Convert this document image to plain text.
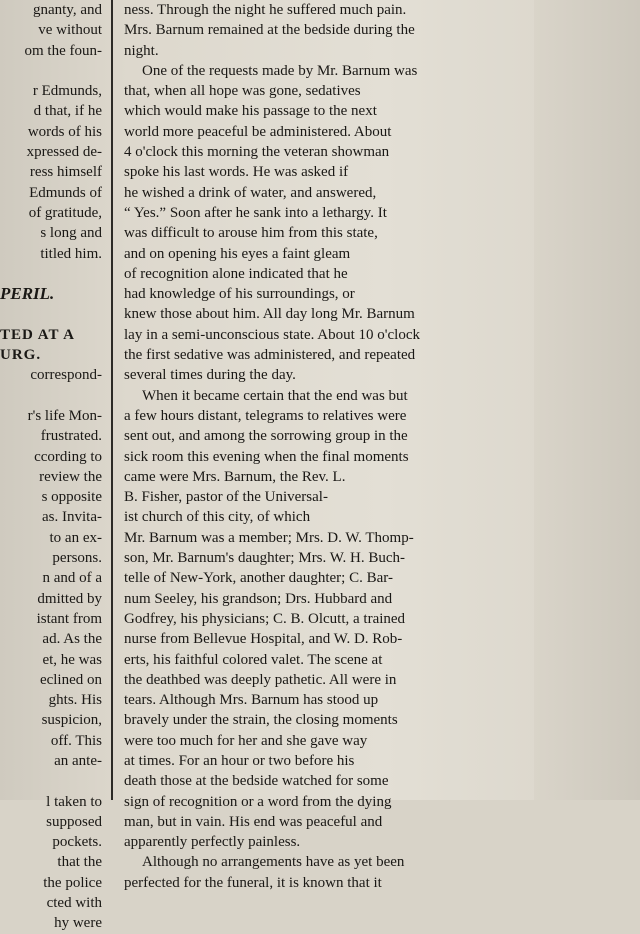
gnanty, and
ve without
om the foun-
r Edmunds,
d that, if he
words of his
xpressed de-
ress himself
Edmunds of
of gratitude,
s long and
titled him.
PERIL.
TED AT A
URG.
correspond-
r's life Mon-
frustrated.
ccording to
review the
s opposite
as. Invita-
to an ex-
persons.
n and of a
dmitted by
istant from
ad. As the
et, he was
eclined on
ghts. His
suspicion,
off. This
an ante-
l taken to
supposed
pockets.
that the
the police
cted with
hy were
ness. Through the night he suffered much pain.
Mrs. Barnum remained at the bedside during the
night.
One of the requests made by Mr. Barnum was
that, when all hope was gone, sedatives
which would make his passage to the next
world more peaceful be administered. About
4 o'clock this morning the veteran showman
spoke his last words. He was asked if
he wished a drink of water, and answered,
“ Yes.” Soon after he sank into a lethargy. It
was difficult to arouse him from this state,
and on opening his eyes a faint gleam
of recognition alone indicated that he
had knowledge of his surroundings, or
knew those about him. All day long Mr. Barnum
lay in a semi-unconscious state. About 10 o'clock
the first sedative was administered, and repeated
several times during the day.
When it became certain that the end was but
a few hours distant, telegrams to relatives were
sent out, and among the sorrowing group in the
sick room this evening when the final moments
came were Mrs. Barnum, the Rev. L.
B. Fisher, pastor of the Universal-
ist church of this city, of which
Mr. Barnum was a member; Mrs. D. W. Thomp-
son, Mr. Barnum's daughter; Mrs. W. H. Buch-
telle of New-York, another daughter; C. Bar-
num Seeley, his grandson; Drs. Hubbard and
Godfrey, his physicians; C. B. Olcutt, a trained
nurse from Bellevue Hospital, and W. D. Rob-
erts, his faithful colored valet. The scene at
the deathbed was deeply pathetic. All were in
tears. Although Mrs. Barnum has stood up
bravely under the strain, the closing moments
were too much for her and she gave way
at times. For an hour or two before his
death those at the bedside watched for some
sign of recognition or a word from the dying
man, but in vain. His end was peaceful and
apparently perfectly painless.
Although no arrangements have as yet been
perfected for the funeral, it is known that it
